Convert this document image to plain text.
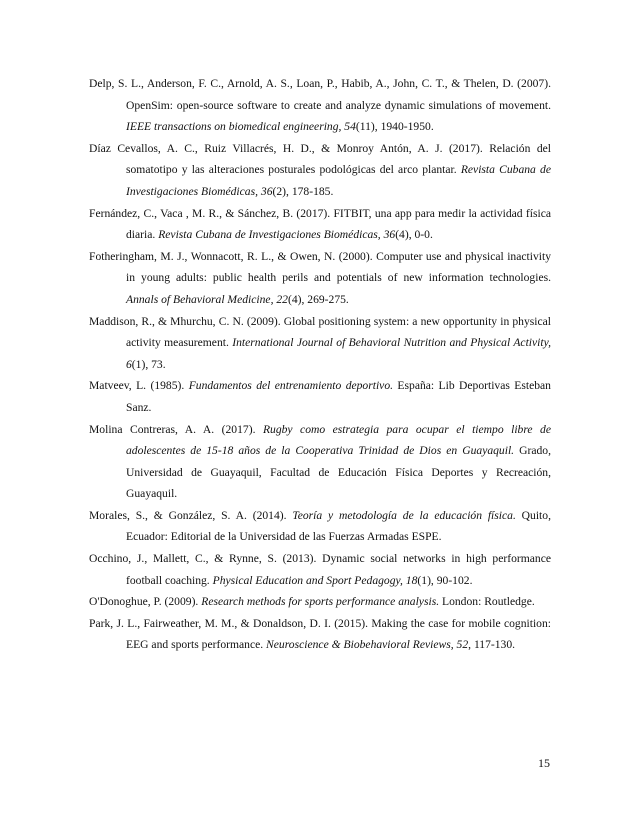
Delp, S. L., Anderson, F. C., Arnold, A. S., Loan, P., Habib, A., John, C. T., & Thelen, D. (2007). OpenSim: open-source software to create and analyze dynamic simulations of movement. IEEE transactions on biomedical engineering, 54(11), 1940-1950.

Díaz Cevallos, A. C., Ruiz Villacrés, H. D., & Monroy Antón, A. J. (2017). Relación del somatotipo y las alteraciones posturales podológicas del arco plantar. Revista Cubana de Investigaciones Biomédicas, 36(2), 178-185.

Fernández, C., Vaca , M. R., & Sánchez, B. (2017). FITBIT, una app para medir la actividad física diaria. Revista Cubana de Investigaciones Biomédicas, 36(4), 0-0.

Fotheringham, M. J., Wonnacott, R. L., & Owen, N. (2000). Computer use and physical inactivity in young adults: public health perils and potentials of new information technologies. Annals of Behavioral Medicine, 22(4), 269-275.

Maddison, R., & Mhurchu, C. N. (2009). Global positioning system: a new opportunity in physical activity measurement. International Journal of Behavioral Nutrition and Physical Activity, 6(1), 73.

Matveev, L. (1985). Fundamentos del entrenamiento deportivo. España: Lib Deportivas Esteban Sanz.

Molina Contreras, A. A. (2017). Rugby como estrategia para ocupar el tiempo libre de adolescentes de 15-18 años de la Cooperativa Trinidad de Dios en Guayaquil. Grado, Universidad de Guayaquil, Facultad de Educación Física Deportes y Recreación, Guayaquil.

Morales, S., & González, S. A. (2014). Teoría y metodología de la educación física. Quito, Ecuador: Editorial de la Universidad de las Fuerzas Armadas ESPE.

Occhino, J., Mallett, C., & Rynne, S. (2013). Dynamic social networks in high performance football coaching. Physical Education and Sport Pedagogy, 18(1), 90-102.

O'Donoghue, P. (2009). Research methods for sports performance analysis. London: Routledge.

Park, J. L., Fairweather, M. M., & Donaldson, D. I. (2015). Making the case for mobile cognition: EEG and sports performance. Neuroscience & Biobehavioral Reviews, 52, 117-130.

15
